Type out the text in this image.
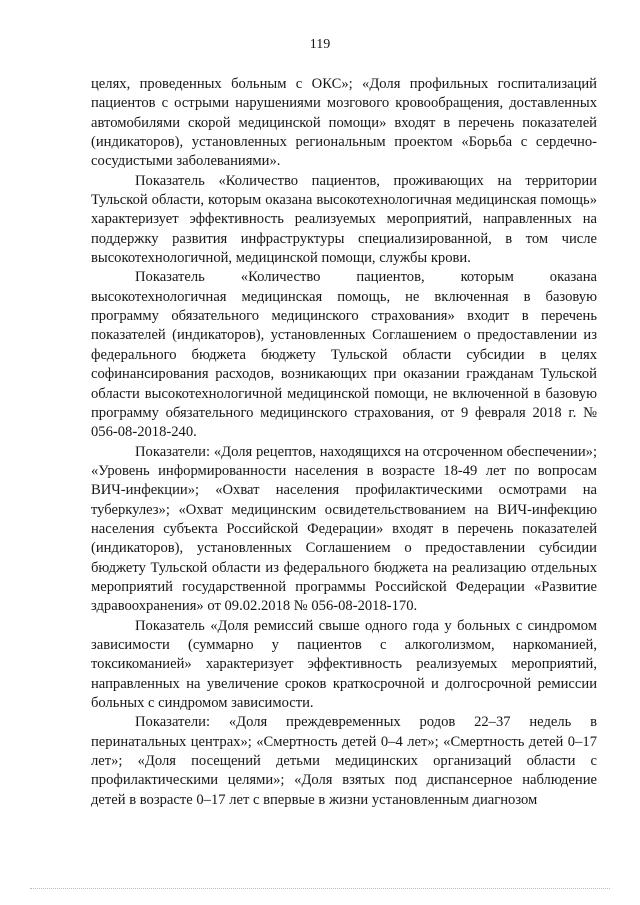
119

целях, проведенных больным с ОКС»; «Доля профильных госпитализаций пациентов с острыми нарушениями мозгового кровообращения, доставленных автомобилями скорой медицинской помощи» входят в перечень показателей (индикаторов), установленных региональным проектом «Борьба с сердечно-сосудистыми заболеваниями».

Показатель «Количество пациентов, проживающих на территории Тульской области, которым оказана высокотехнологичная медицинская помощь» характеризует эффективность реализуемых мероприятий, направленных на поддержку развития инфраструктуры специализированной, в том числе высокотехнологичной, медицинской помощи, службы крови.

Показатель «Количество пациентов, которым оказана высокотехнологичная медицинская помощь, не включенная в базовую программу обязательного медицинского страхования» входит в перечень показателей (индикаторов), установленных Соглашением о предоставлении из федерального бюджета бюджету Тульской области субсидии в целях софинансирования расходов, возникающих при оказании гражданам Тульской области высокотехнологичной медицинской помощи, не включенной в базовую программу обязательного медицинского страхования, от 9 февраля 2018 г. № 056-08-2018-240.

Показатели: «Доля рецептов, находящихся на отсроченном обеспечении»; «Уровень информированности населения в возрасте 18-49 лет по вопросам ВИЧ-инфекции»; «Охват населения профилактическими осмотрами на туберкулез»; «Охват медицинским освидетельствованием на ВИЧ-инфекцию населения субъекта Российской Федерации» входят в перечень показателей (индикаторов), установленных Соглашением о предоставлении субсидии бюджету Тульской области из федерального бюджета на реализацию отдельных мероприятий государственной программы Российской Федерации «Развитие здравоохранения» от 09.02.2018 № 056-08-2018-170.

Показатель «Доля ремиссий свыше одного года у больных с синдромом зависимости (суммарно у пациентов с алкоголизмом, наркоманией, токсикоманией» характеризует эффективность реализуемых мероприятий, направленных на увеличение сроков краткосрочной и долгосрочной ремиссии больных с синдромом зависимости.

Показатели: «Доля преждевременных родов 22–37 недель в перинатальных центрах»; «Смертность детей 0–4 лет»; «Смертность детей 0–17 лет»; «Доля посещений детьми медицинских организаций области с профилактическими целями»; «Доля взятых под диспансерное наблюдение детей в возрасте 0–17 лет с впервые в жизни установленным диагнозом
